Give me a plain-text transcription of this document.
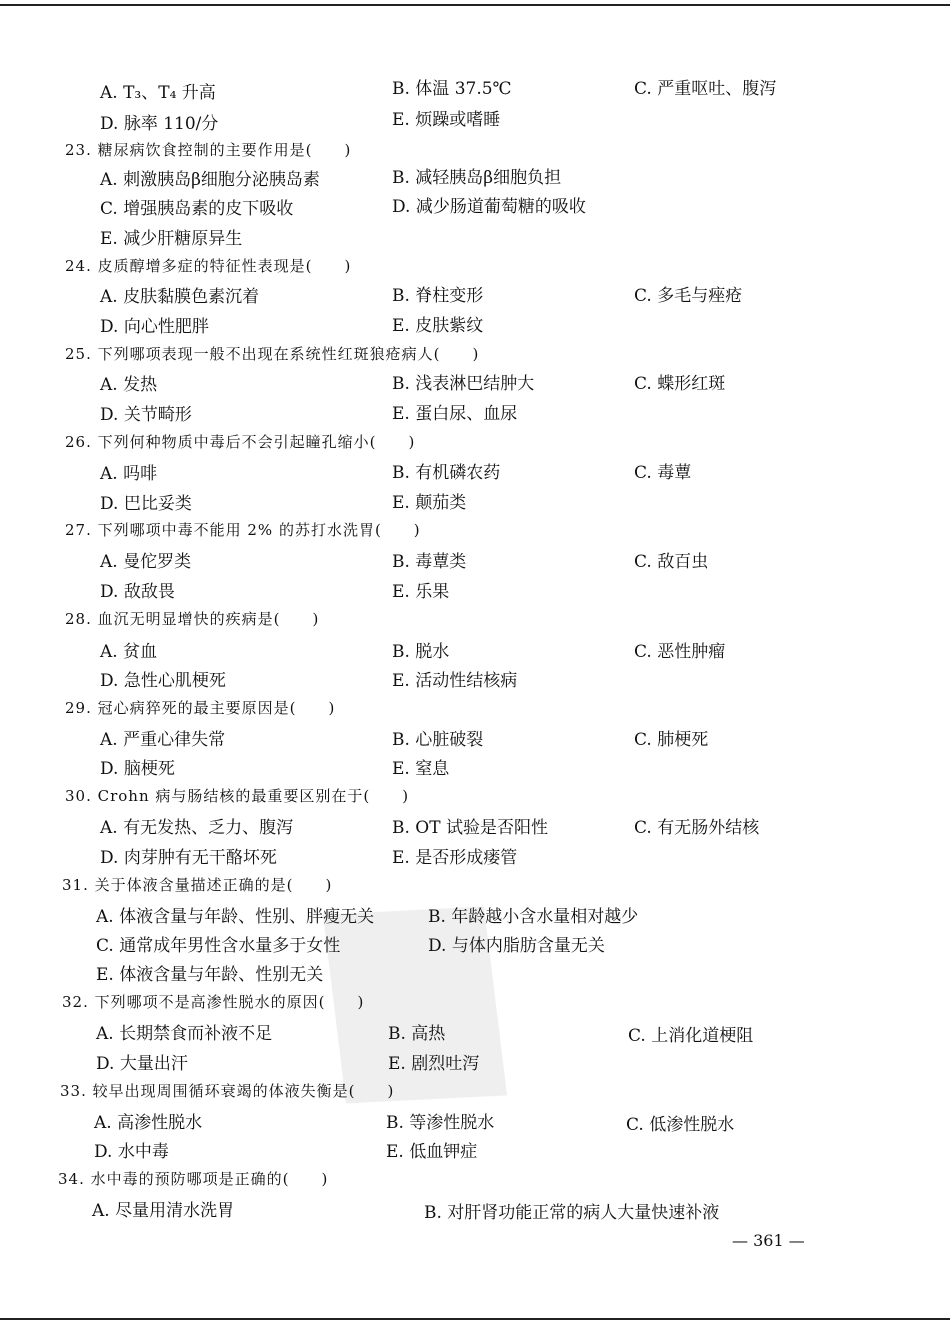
A. T₃、T₄ 升高	B. 体温 37.5℃	C. 严重呕吐、腹泻
D. 脉率 110/分	E. 烦躁或嗜睡
23. 糖尿病饮食控制的主要作用是(　　)
A. 刺激胰岛β细胞分泌胰岛素	B. 减轻胰岛β细胞负担
C. 增强胰岛素的皮下吸收	D. 减少肠道葡萄糖的吸收
E. 减少肝糖原异生
24. 皮质醇增多症的特征性表现是(　　)
A. 皮肤黏膜色素沉着	B. 脊柱变形	C. 多毛与痤疮
D. 向心性肥胖	E. 皮肤紫纹
25. 下列哪项表现一般不出现在系统性红斑狼疮病人(　　)
A. 发热	B. 浅表淋巴结肿大	C. 蝶形红斑
D. 关节畸形	E. 蛋白尿、血尿
26. 下列何种物质中毒后不会引起瞳孔缩小(　　)
A. 吗啡	B. 有机磷农药	C. 毒蕈
D. 巴比妥类	E. 颠茄类
27. 下列哪项中毒不能用 2% 的苏打水洗胃(　　)
A. 曼佗罗类	B. 毒蕈类	C. 敌百虫
D. 敌敌畏	E. 乐果
28. 血沉无明显增快的疾病是(　　)
A. 贫血	B. 脱水	C. 恶性肿瘤
D. 急性心肌梗死	E. 活动性结核病
29. 冠心病猝死的最主要原因是(　　)
A. 严重心律失常	B. 心脏破裂	C. 肺梗死
D. 脑梗死	E. 窒息
30. Crohn 病与肠结核的最重要区别在于(　　)
A. 有无发热、乏力、腹泻	B. OT 试验是否阳性	C. 有无肠外结核
D. 肉芽肿有无干酪坏死	E. 是否形成瘘管
31. 关于体液含量描述正确的是(　　)
A. 体液含量与年龄、性别、胖瘦无关	B. 年龄越小含水量相对越少
C. 通常成年男性含水量多于女性	D. 与体内脂肪含量无关
E. 体液含量与年龄、性别无关
32. 下列哪项不是高渗性脱水的原因(　　)
A. 长期禁食而补液不足	B. 高热	C. 上消化道梗阻
D. 大量出汗	E. 剧烈吐泻
33. 较早出现周围循环衰竭的体液失衡是(　　)
A. 高渗性脱水	B. 等渗性脱水	C. 低渗性脱水
D. 水中毒	E. 低血钾症
34. 水中毒的预防哪项是正确的(　　)
A. 尽量用清水洗胃	B. 对肝肾功能正常的病人大量快速补液
— 361 —
